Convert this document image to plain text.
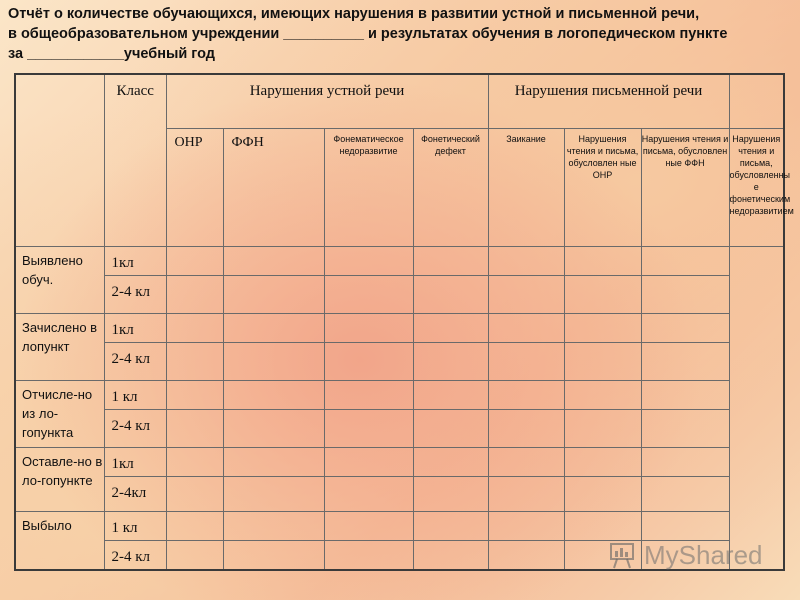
Отчёт о количестве обучающихся, имеющих нарушения в развитии устной и письменной речи,
в общеобразовательном учреждении __________ и результатах обучения в логопедическом пункте
за ____________учебный год
	Класс	Нарушения устной речи				Нарушения письменной речи			
		ОНР	ФФН	Фонематическое недоразвитие	Фонетический дефект	Заикание	Нарушения чтения и письма, обусловлен ные ОНР	Нарушения чтения и письма, обусловлен ные ФФН	Нарушения чтения и письма, обусловленны е фонетическим недоразвитием
Выявлено обуч.	1кл								
	2-4 кл								
Зачислено в лопункт	1кл								
	2-4 кл								
Отчисле-но из ло-гопункта	1 кл								
	2-4 кл								
Оставле-но в ло-гопункте	1кл								
	2-4кл								
Выбыло	1 кл								
	2-4 кл									MyShared
